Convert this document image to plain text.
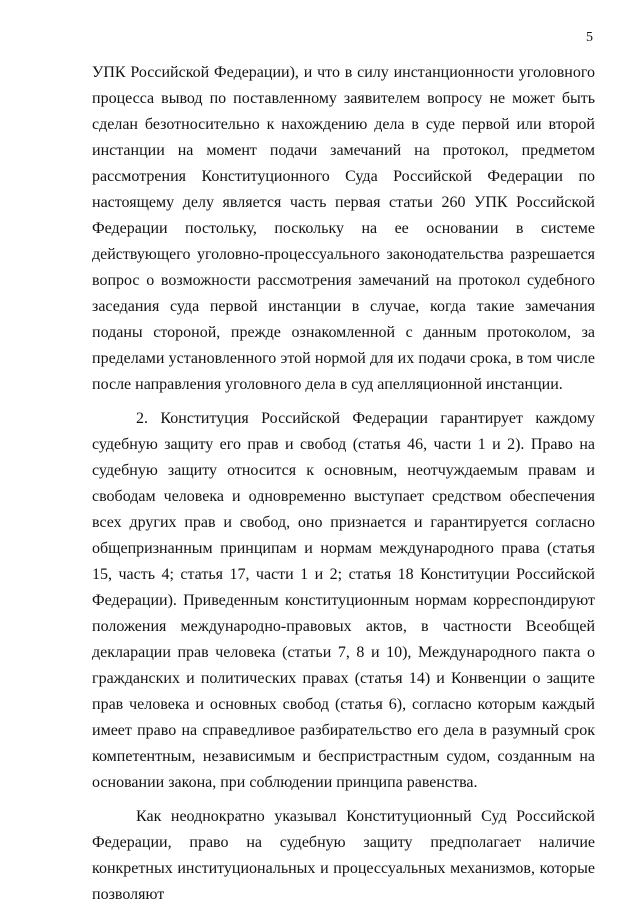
5

УПК Российской Федерации), и что в силу инстанционности уголовного процесса вывод по поставленному заявителем вопросу не может быть сделан безотносительно к нахождению дела в суде первой или второй инстанции на момент подачи замечаний на протокол, предметом рассмотрения Конституционного Суда Российской Федерации по настоящему делу является часть первая статьи 260 УПК Российской Федерации постольку, поскольку на ее основании в системе действующего уголовно-процессуального законодательства разрешается вопрос о возможности рассмотрения замечаний на протокол судебного заседания суда первой инстанции в случае, когда такие замечания поданы стороной, прежде ознакомленной с данным протоколом, за пределами установленного этой нормой для их подачи срока, в том числе после направления уголовного дела в суд апелляционной инстанции.

2. Конституция Российской Федерации гарантирует каждому судебную защиту его прав и свобод (статья 46, части 1 и 2). Право на судебную защиту относится к основным, неотчуждаемым правам и свободам человека и одновременно выступает средством обеспечения всех других прав и свобод, оно признается и гарантируется согласно общепризнанным принципам и нормам международного права (статья 15, часть 4; статья 17, части 1 и 2; статья 18 Конституции Российской Федерации). Приведенным конституционным нормам корреспондируют положения международно-правовых актов, в частности Всеобщей декларации прав человека (статьи 7, 8 и 10), Международного пакта о гражданских и политических правах (статья 14) и Конвенции о защите прав человека и основных свобод (статья 6), согласно которым каждый имеет право на справедливое разбирательство его дела в разумный срок компетентным, независимым и беспристрастным судом, созданным на основании закона, при соблюдении принципа равенства.

Как неоднократно указывал Конституционный Суд Российской Федерации, право на судебную защиту предполагает наличие конкретных институциональных и процессуальных механизмов, которые позволяют
